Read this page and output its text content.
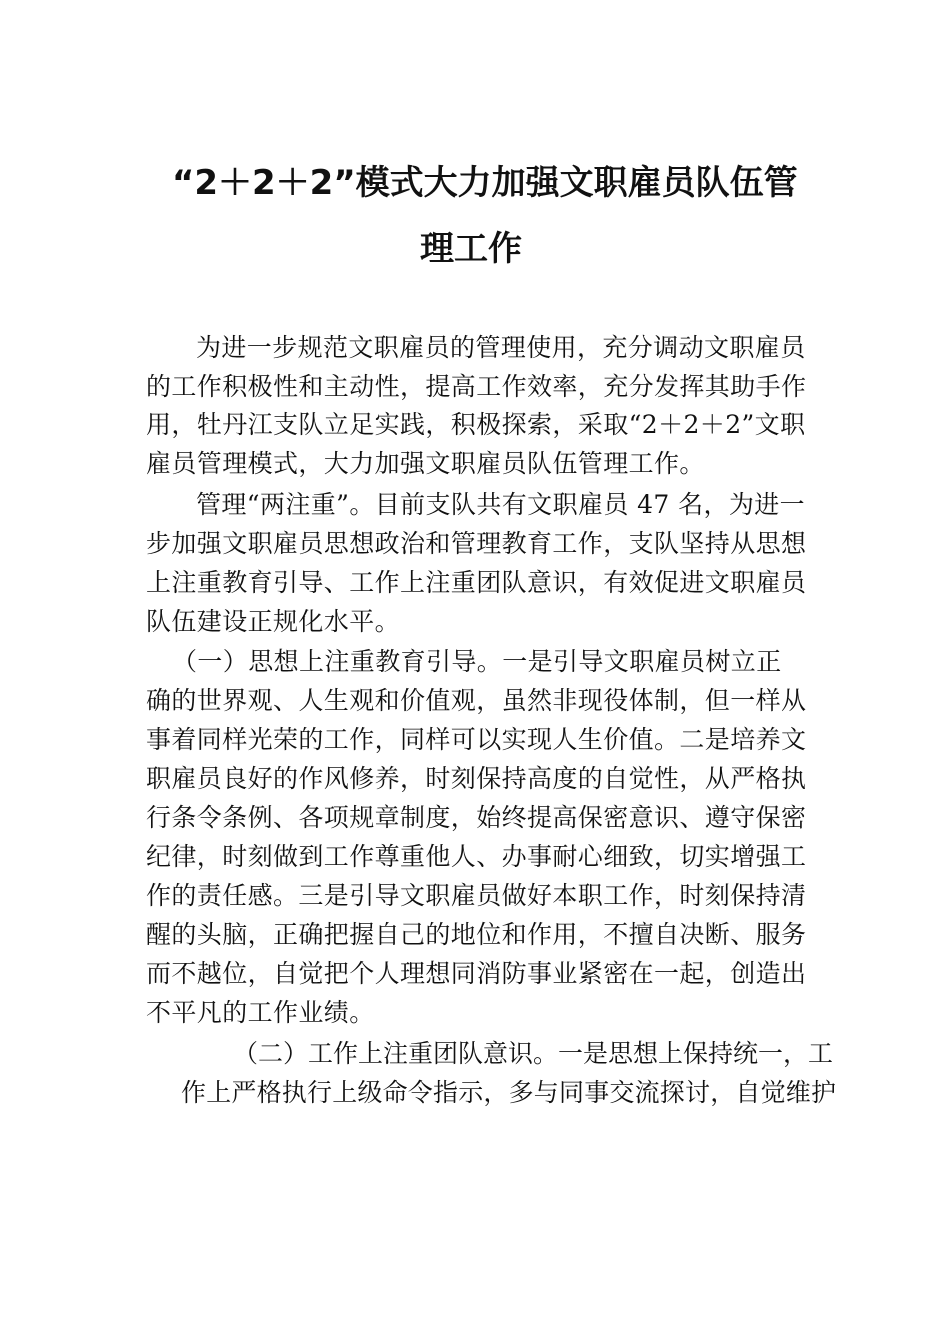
“2＋2＋2”模式大力加强文职雇员队伍管
理工作

为进一步规范文职雇员的管理使用，充分调动文职雇员

的工作积极性和主动性，提高工作效率，充分发挥其助手作

用，牡丹江支队立足实践，积极探索，采取“2＋2＋2”文职

雇员管理模式，大力加强文职雇员队伍管理工作。

管理“两注重”。目前支队共有文职雇员 47 名，为进一

步加强文职雇员思想政治和管理教育工作，支队坚持从思想

上注重教育引导、工作上注重团队意识，有效促进文职雇员

队伍建设正规化水平。

（一）思想上注重教育引导。一是引导文职雇员树立正

确的世界观、人生观和价值观，虽然非现役体制，但一样从

事着同样光荣的工作，同样可以实现人生价值。二是培养文

职雇员良好的作风修养，时刻保持高度的自觉性，从严格执

行条令条例、各项规章制度，始终提高保密意识、遵守保密

纪律，时刻做到工作尊重他人、办事耐心细致，切实增强工

作的责任感。三是引导文职雇员做好本职工作，时刻保持清

醒的头脑，正确把握自己的地位和作用，不擅自决断、服务

而不越位，自觉把个人理想同消防事业紧密在一起，创造出

不平凡的工作业绩。

（二）工作上注重团队意识。一是思想上保持统一，工

作上严格执行上级命令指示，多与同事交流探讨，自觉维护
